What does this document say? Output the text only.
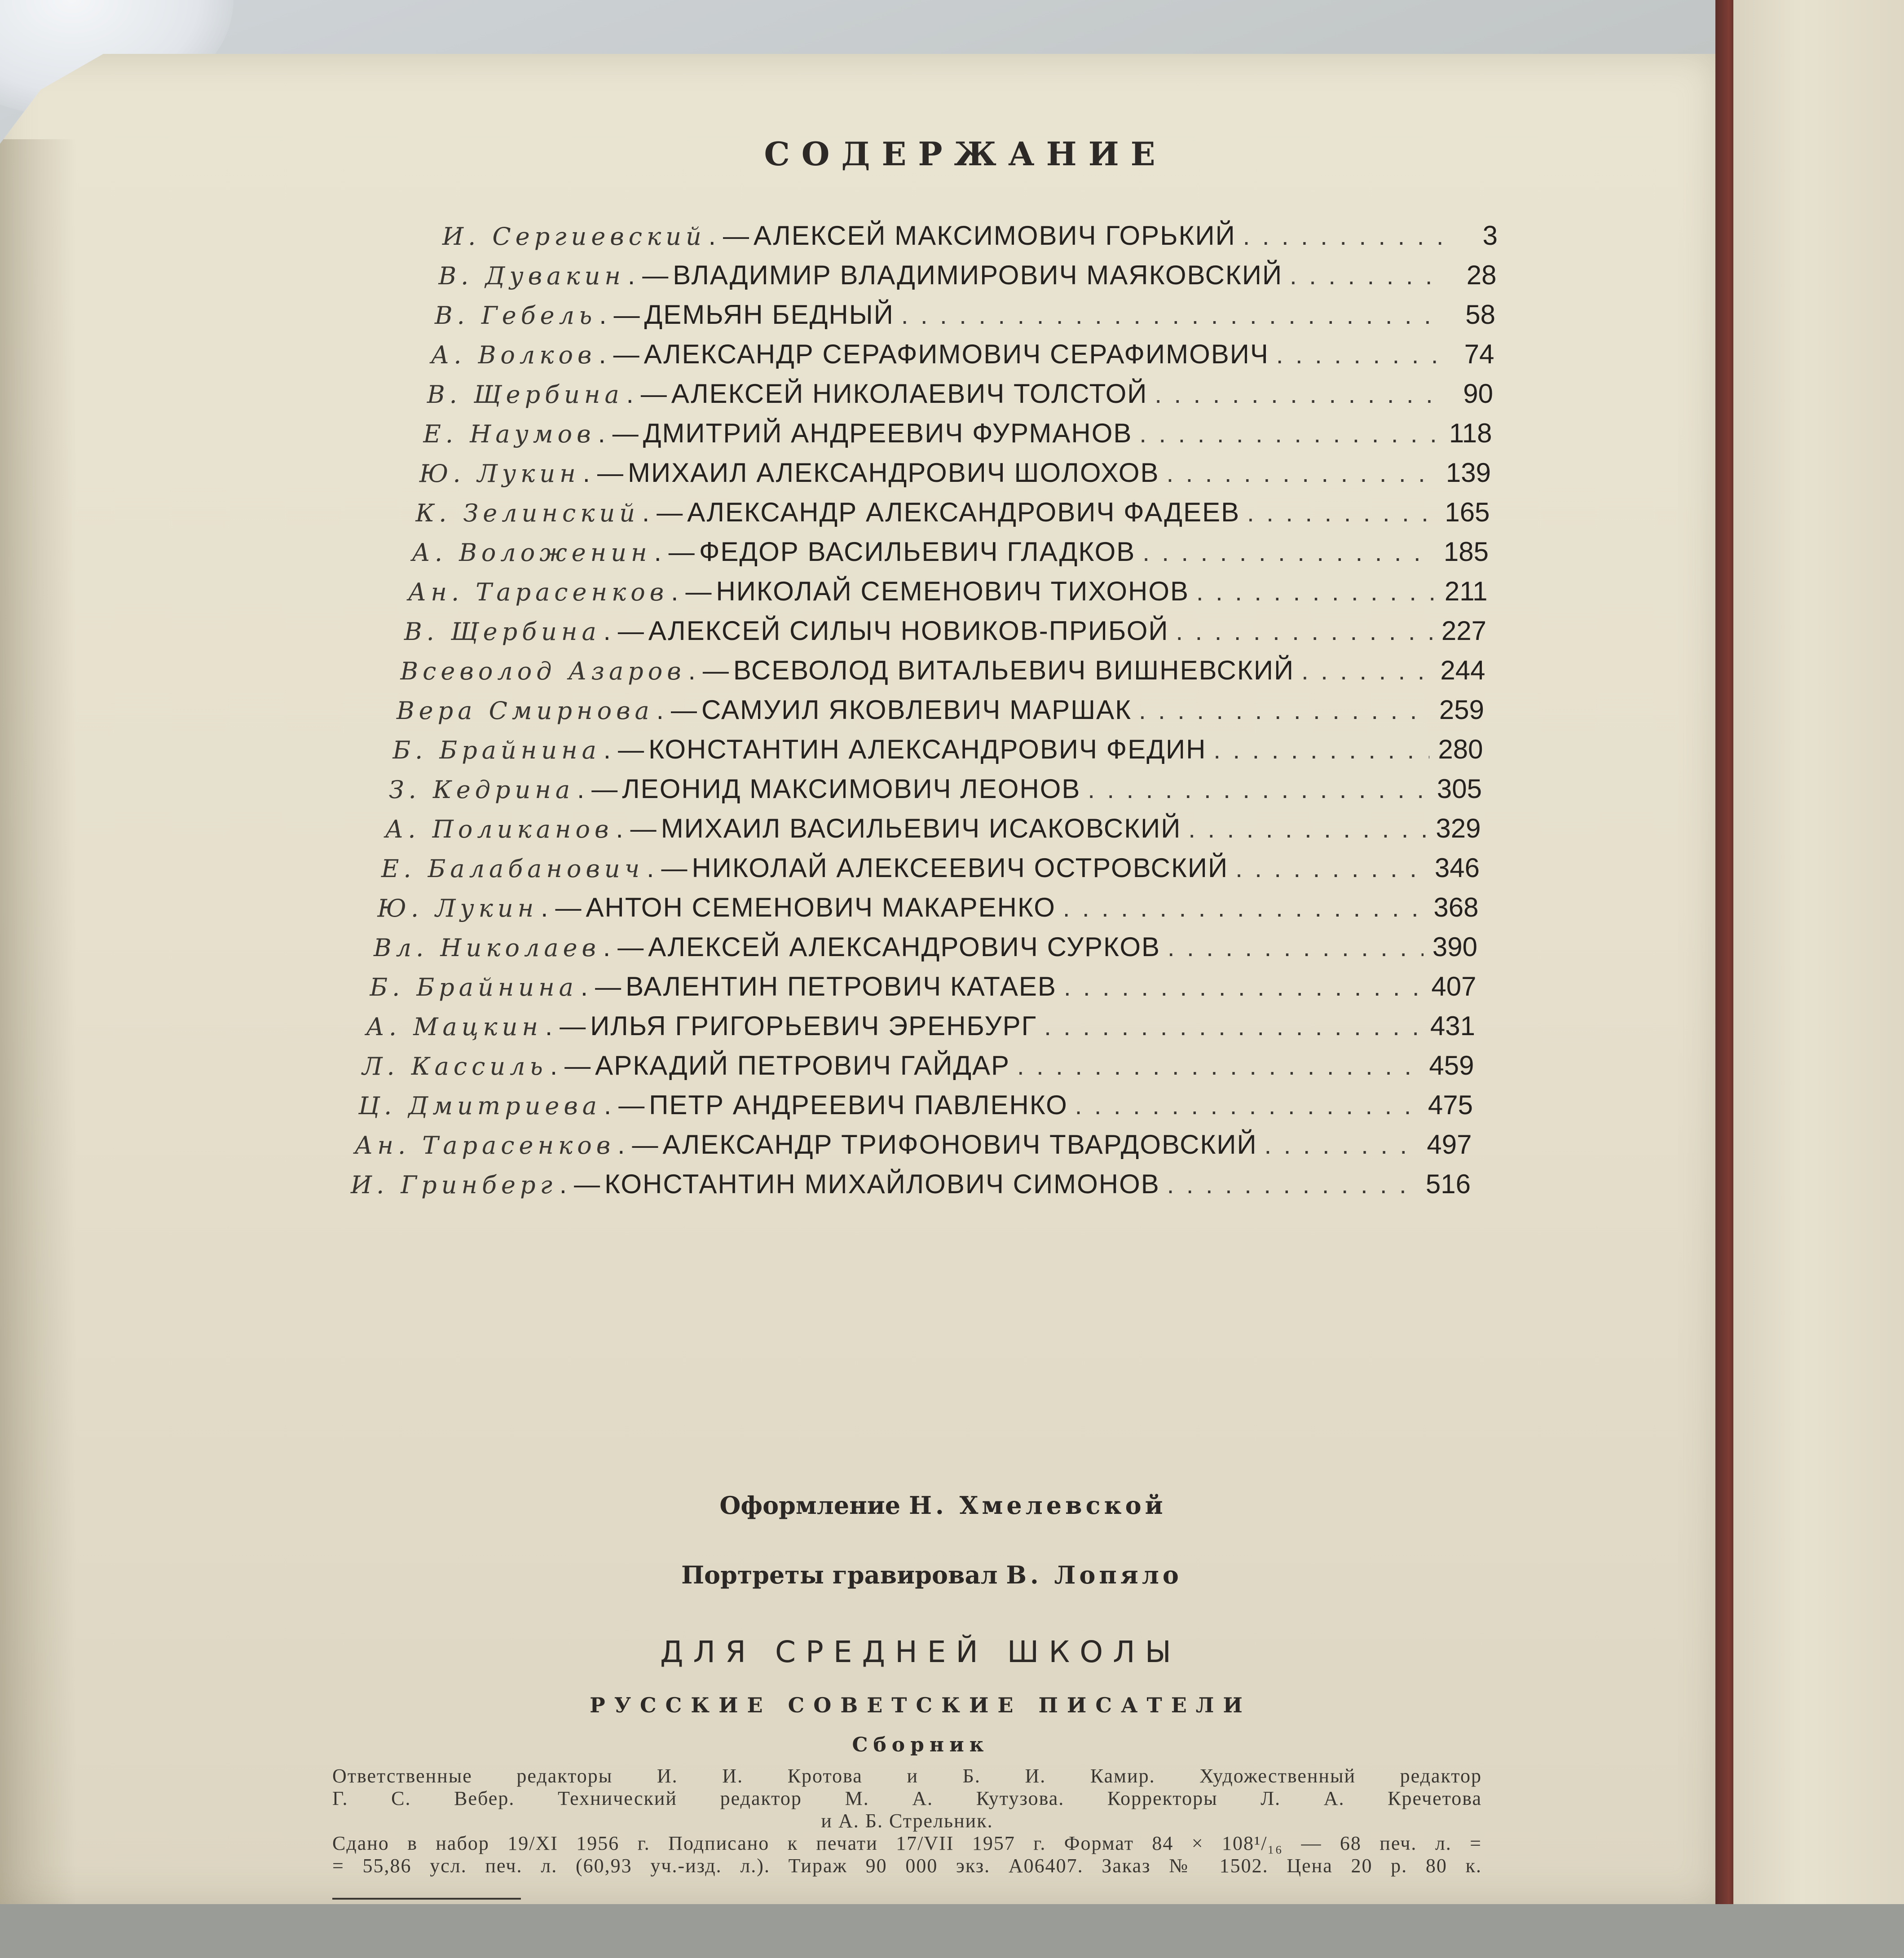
СОДЕРЖАНИЕ
И. Сергиевский . — АЛЕКСЕЙ МАКСИМОВИЧ ГОРЬКИЙ . . .	3
В. Дувакин . — ВЛАДИМИР ВЛАДИМИРОВИЧ МАЯКОВСКИЙ . . .	28
В. Гебель . — ДЕМЬЯН БЕДНЫЙ . . .	58
А. Волков . — АЛЕКСАНДР СЕРАФИМОВИЧ СЕРАФИМОВИЧ . . .	74
В. Щербина . — АЛЕКСЕЙ НИКОЛАЕВИЧ ТОЛСТОЙ . . .	90
Е. Наумов . — ДМИТРИЙ АНДРЕЕВИЧ ФУРМАНОВ . . .	118
Ю. Лукин . — МИХАИЛ АЛЕКСАНДРОВИЧ ШОЛОХОВ . . .	139
К. Зелинский . — АЛЕКСАНДР АЛЕКСАНДРОВИЧ ФАДЕЕВ . . .	165
А. Воложенин . — ФЕДОР ВАСИЛЬЕВИЧ ГЛАДКОВ . . .	185
Ан. Тарасенков . — НИКОЛАЙ СЕМЕНОВИЧ ТИХОНОВ . . .	211
В. Щербина . — АЛЕКСЕЙ СИЛЫЧ НОВИКОВ-ПРИБОЙ . . .	227
Всеволод Азаров . — ВСЕВОЛОД ВИТАЛЬЕВИЧ ВИШНЕВСКИЙ . . .	244
Вера Смирнова . — САМУИЛ ЯКОВЛЕВИЧ МАРШАК . . .	259
Б. Брайнина . — КОНСТАНТИН АЛЕКСАНДРОВИЧ ФЕДИН . . .	280
З. Кедрина . — ЛЕОНИД МАКСИМОВИЧ ЛЕОНОВ . . .	305
А. Поликанов . — МИХАИЛ ВАСИЛЬЕВИЧ ИСАКОВСКИЙ . . .	329
Е. Балабанович . — НИКОЛАЙ АЛЕКСЕЕВИЧ ОСТРОВСКИЙ . . .	346
Ю. Лукин . — АНТОН СЕМЕНОВИЧ МАКАРЕНКО . . .	368
Вл. Николаев . — АЛЕКСЕЙ АЛЕКСАНДРОВИЧ СУРКОВ . . .	390
Б. Брайнина . — ВАЛЕНТИН ПЕТРОВИЧ КАТАЕВ . . .	407
А. Мацкин . — ИЛЬЯ ГРИГОРЬЕВИЧ ЭРЕНБУРГ . . .	431
Л. Кассиль . — АРКАДИЙ ПЕТРОВИЧ ГАЙДАР . . .	459
Ц. Дмитриева . — ПЕТР АНДРЕЕВИЧ ПАВЛЕНКО . . .	475
Ан. Тарасенков . — АЛЕКСАНДР ТРИФОНОВИЧ ТВАРДОВСКИЙ . . .	497
И. Гринберг . — КОНСТАНТИН МИХАЙЛОВИЧ СИМОНОВ . . .	516
Оформление Н. Хмелевской
Портреты гравировал В. Лопяло
ДЛЯ СРЕДНЕЙ ШКОЛЫ
РУССКИЕ СОВЕТСКИЕ ПИСАТЕЛИ
Сборник

Ответственные редакторы И. И. Кротова и Б. И. Камир. Художественный редактор

Г. С. Вебер. Технический редактор М. А. Кутузова. Корректоры Л. А. Кречетова

и А. Б. Стрельник.

Сдано в набор 19/XI 1956 г. Подписано к печати 17/VII 1957 г. Формат 84 × 108¹/₁₆ — 68 печ. л. =

= 55,86 усл. печ. л. (60,93 уч.-изд. л.). Тираж 90 000 экз. А06407. Заказ № 1502. Цена 20 р. 80 к.
